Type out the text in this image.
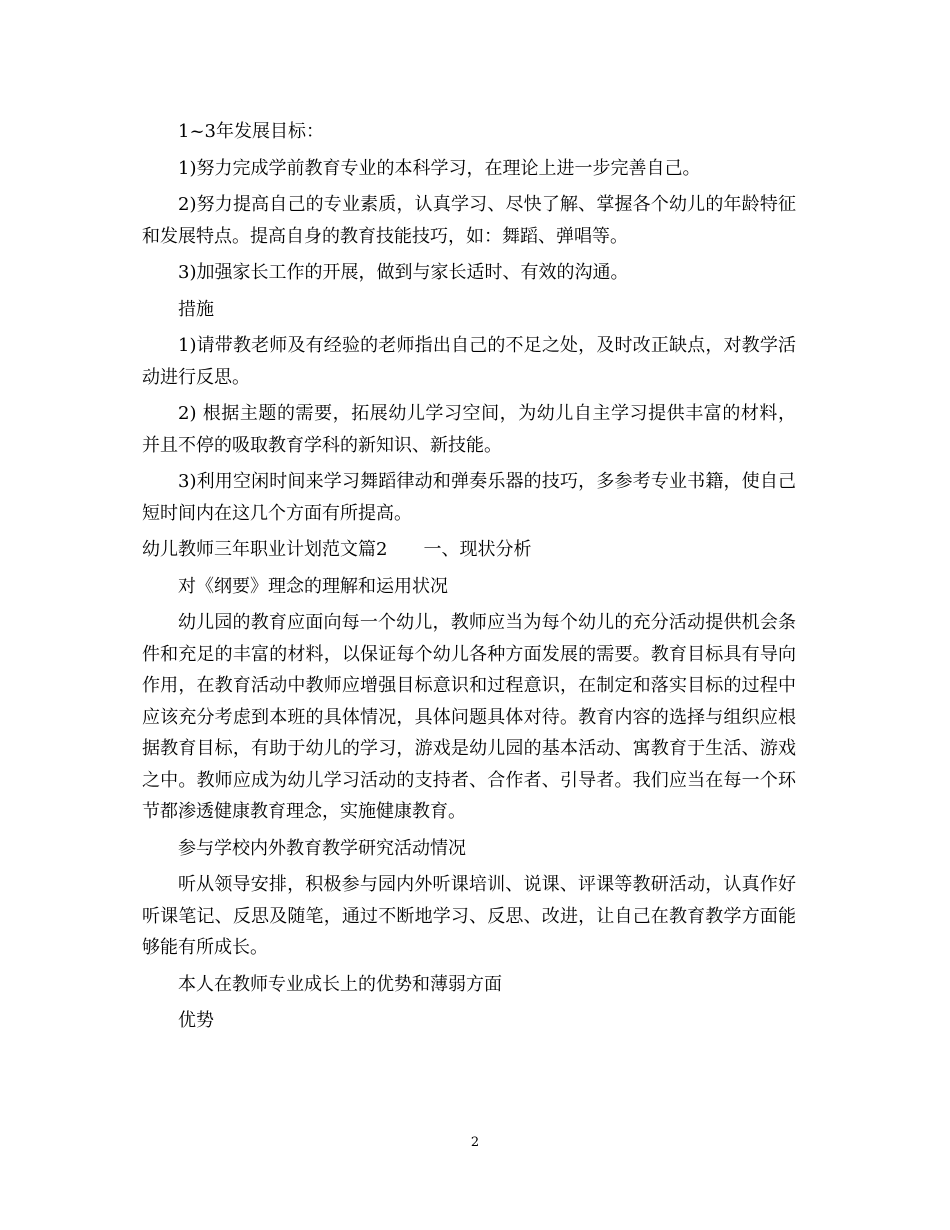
1~3年发展目标：

1)努力完成学前教育专业的本科学习，在理论上进一步完善自己。

2)努力提高自己的专业素质，认真学习、尽快了解、掌握各个幼儿的年龄特征和发展特点。提高自身的教育技能技巧，如：舞蹈、弹唱等。

3)加强家长工作的开展，做到与家长适时、有效的沟通。

措施

1)请带教老师及有经验的老师指出自己的不足之处，及时改正缺点，对教学活动进行反思。

2) 根据主题的需要，拓展幼儿学习空间，为幼儿自主学习提供丰富的材料，并且不停的吸取教育学科的新知识、新技能。

3)利用空闲时间来学习舞蹈律动和弹奏乐器的技巧，多参考专业书籍，使自己短时间内在这几个方面有所提高。

幼儿教师三年职业计划范文篇2 一、现状分析

对《纲要》理念的理解和运用状况

幼儿园的教育应面向每一个幼儿，教师应当为每个幼儿的充分活动提供机会条件和充足的丰富的材料，以保证每个幼儿各种方面发展的需要。教育目标具有导向作用，在教育活动中教师应增强目标意识和过程意识，在制定和落实目标的过程中应该充分考虑到本班的具体情况，具体问题具体对待。教育内容的选择与组织应根据教育目标，有助于幼儿的学习，游戏是幼儿园的基本活动、寓教育于生活、游戏之中。教师应成为幼儿学习活动的支持者、合作者、引导者。我们应当在每一个环节都渗透健康教育理念，实施健康教育。

参与学校内外教育教学研究活动情况

听从领导安排，积极参与园内外听课培训、说课、评课等教研活动，认真作好听课笔记、反思及随笔，通过不断地学习、反思、改进，让自己在教育教学方面能够能有所成长。

本人在教师专业成长上的优势和薄弱方面

优势

2
